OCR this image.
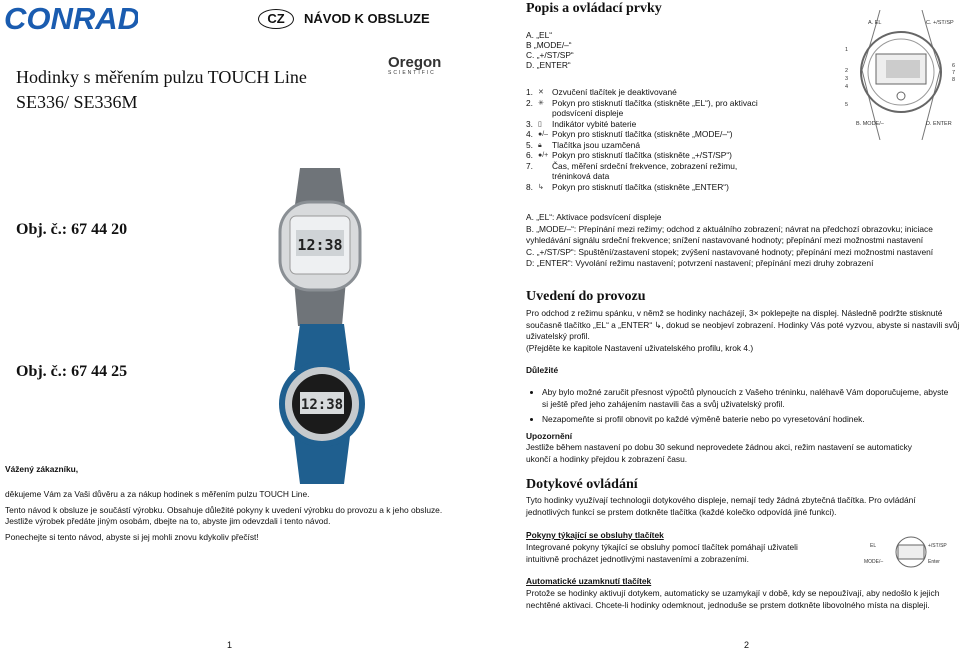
CONRAD	CZ	NÁVOD K OBSLUZE
Hodinky s měřením pulzu TOUCH Line
SE336/ SE336M
Oregon
SCIENTIFIC
Obj. č.: 67 44 20
Obj. č.: 67 44 25
12:38
12:38
Vážený zákazníku,
děkujeme Vám za Vaši důvěru a za nákup hodinek s měřením pulzu TOUCH Line.
Tento návod k obsluze je součástí výrobku. Obsahuje důležité pokyny k uvedení výrobku do provozu a k jeho obsluze. Jestliže výrobek předáte jiným osobám, dbejte na to, abyste jim odevzdali i tento návod.
Ponechejte si tento návod, abyste si jej mohli znovu kdykoliv přečíst!
1
Popis a ovládací prvky
A. „EL“
B „MODE/–“
C. „+/ST/SP“
D. „ENTER“
1. ✕ Ozvučení tlačítek je deaktivované
2. ✳ Pokyn pro stisknutí tlačítka (stiskněte „EL“), pro aktivaci
podsvícení displeje
3. ▯	Indikátor vybité baterie
4. ●/– Pokyn pro stisknutí tlačítka (stiskněte „MODE/–“)
5. 🔒︎	Tlačítka jsou uzamčená
6. ●/+ Pokyn pro stisknutí tlačítka (stiskněte „+/ST/SP“)
7.	Čas, měření srdeční frekvence, zobrazení režimu,
tréninková data
8. ↳ Pokyn pro stisknutí tlačítka (stiskněte „ENTER“)
A. EL	C. +/ST/SP
B. MODE/–	D. ENTER
1
2
3
4
5
6
7
8
A. „EL“: Aktivace podsvícení displeje
B. „MODE/–“: Přepínání mezi režimy; odchod z aktuálního zobrazení; návrat na předchozí obrazovku; iniciace vyhledávání signálu srdeční frekvence; snížení nastavované hodnoty; přepínání mezi možnostmi nastavení
C. „+/ST/SP“: Spuštění/zastavení stopek; zvýšení nastavované hodnoty; přepínání mezi možnostmi nastavení
D: „ENTER“: Vyvolání režimu nastavení; potvrzení nastavení; přepínání mezi druhy zobrazení
Uvedení do provozu
Pro odchod z režimu spánku, v němž se hodinky nacházejí, 3× poklepejte na displej. Následně podržte stisknuté současně tlačítko „EL“ a „ENTER“ ↳, dokud se neobjeví zobrazení. Hodinky Vás poté vyzvou, abyste si nastavili svůj uživatelský profil.
(Přejděte ke kapitole Nastavení uživatelského profilu, krok 4.)
Důležité
• Aby bylo možné zaručit přesnost výpočtů plynoucích z Vašeho tréninku, naléhavě Vám doporučujeme, abyste si ještě před jeho zahájením nastavili čas a svůj uživatelský profil.
• Nezapomeňte si profil obnovit po každé výměně baterie nebo po vyresetování hodinek.
Upozornění
Jestliže během nastavení po dobu 30 sekund neprovedete žádnou akci, režim nastavení se automaticky ukončí a hodinky přejdou k zobrazení času.
Dotykové ovládání
Tyto hodinky využívají technologii dotykového displeje, nemají tedy žádná zbytečná tlačítka. Pro ovládání jednotlivých funkcí se prstem dotkněte tlačítka (každé kolečko odpovídá jiné funkci).
Pokyny týkající se obsluhy tlačítek
Integrované pokyny týkající se obsluhy pomocí tlačítek pomáhají uživateli intuitivně procházet jednotlivými nastaveními a zobrazeními.
EL	+/ST/SP
MODE/–	Enter
Automatické uzamknutí tlačítek
Protože se hodinky aktivují dotykem, automaticky se uzamykají v době, kdy se nepoužívají, aby nedošlo k jejich nechtěné aktivaci. Chcete-li hodinky odemknout, jednoduše se prstem dotkněte libovolného místa na displeji.
2
